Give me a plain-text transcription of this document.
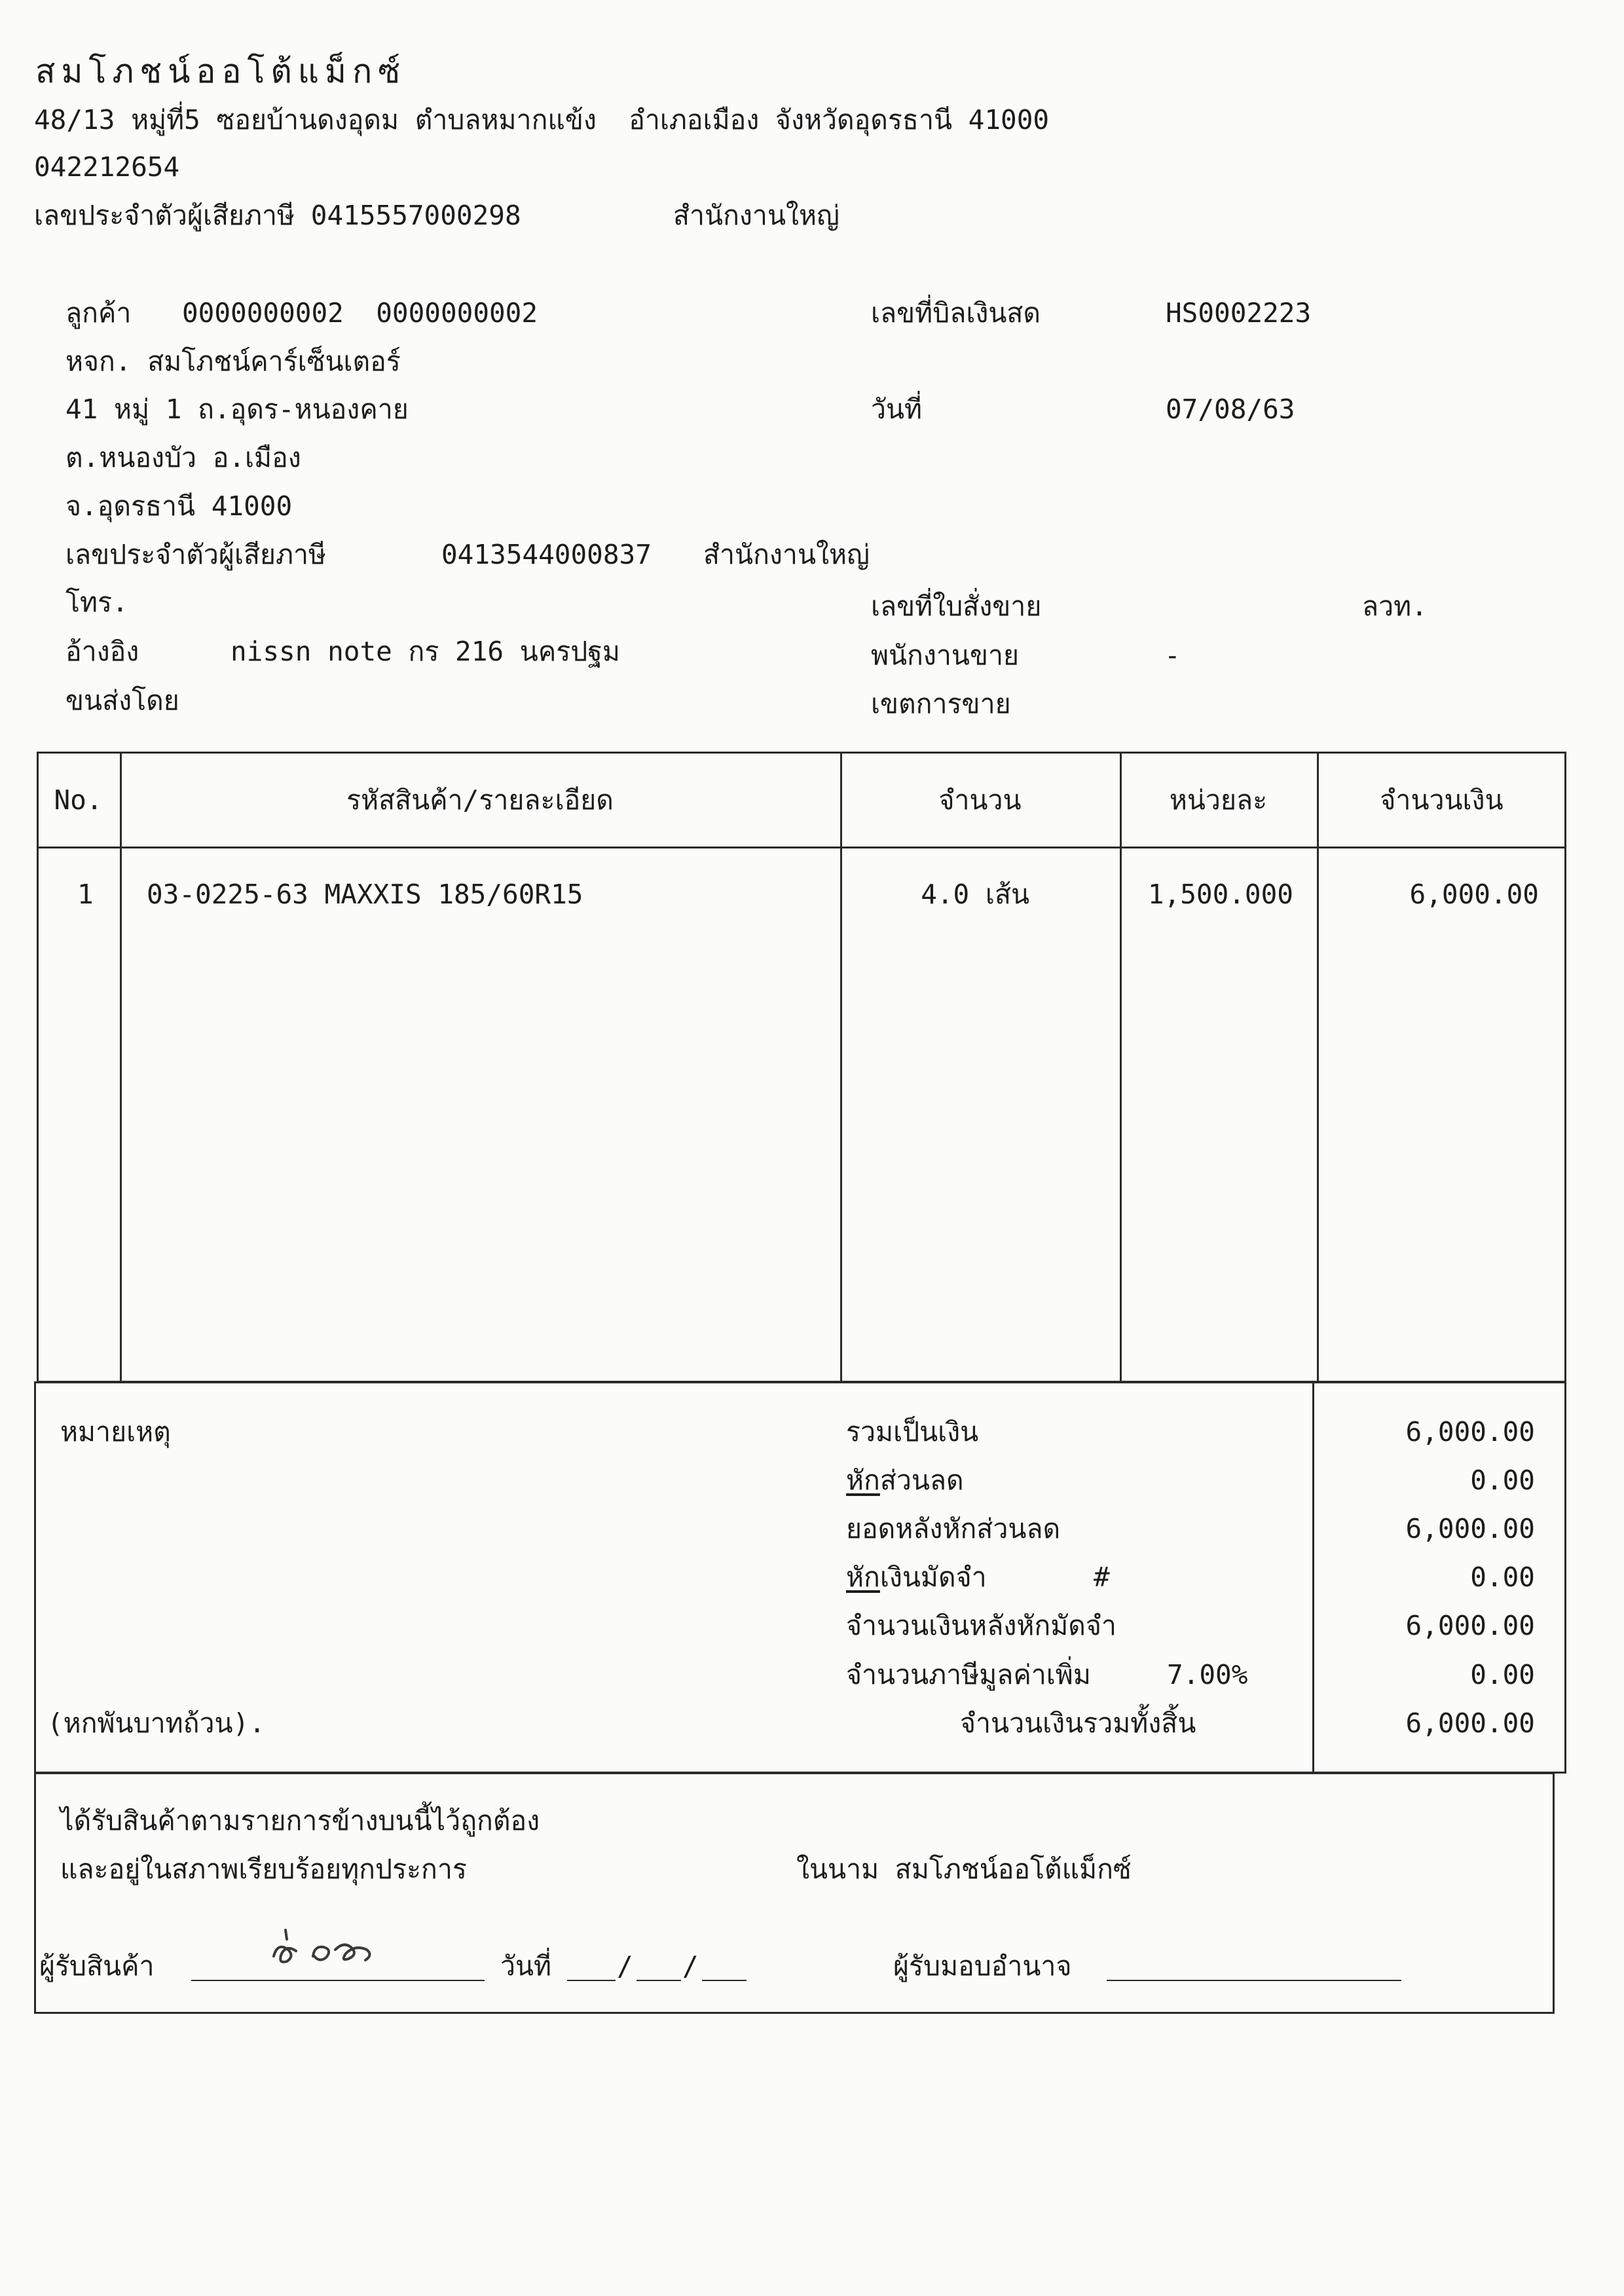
สมโภชน์ออโต้แม็กซ์
48/13 หมู่ที่5 ซอยบ้านดงอุดม ตำบลหมากแข้ง  อำเภอเมือง จังหวัดอุดรธานี 41000
042212654
เลขประจำตัวผู้เสียภาษี 0415557000298	สำนักงานใหญ่
ลูกค้า 0000000002  0000000002
หจก. สมโภชน์คาร์เซ็นเตอร์
41 หมู่ 1 ถ.อุดร-หนองคาย
ต.หนองบัว อ.เมือง
จ.อุดรธานี 41000
เลขประจำตัวผู้เสียภาษี	0413544000837 สำนักงานใหญ่
โทร.
อ้างอิง	nissn note กร 216 นครปฐม
ขนส่งโดย
เลขที่บิลเงินสด	HS0002223
วันที่	07/08/63
เลขที่ใบสั่งขาย	ลวท.
พนักงานขาย	-
เขตการขาย
No.	รหัสสินค้า/รายละเอียด	จำนวน	หน่วยละ	จำนวนเงิน
1 03-0225-63 MAXXIS 185/60R15	4.0 เส้น	1,500.000	6,000.00
หมายเหตุ
(หกพันบาทถ้วน).
รวมเป็นเงิน	6,000.00
หักส่วนลด	0.00
ยอดหลังหักส่วนลด	6,000.00
หักเงินมัดจำ	#	0.00
จำนวนเงินหลังหักมัดจำ	6,000.00
จำนวนภาษีมูลค่าเพิ่ม	7.00%	0.00
จำนวนเงินรวมทั้งสิ้น	6,000.00
ได้รับสินค้าตามรายการข้างบนนี้ไว้ถูกต้อง
และอยู่ในสภาพเรียบร้อยทุกประการ	ในนาม สมโภชน์ออโต้แม็กซ์
ผู้รับสินค้า	วันที่ / /	ผู้รับมอบอำนาจ
